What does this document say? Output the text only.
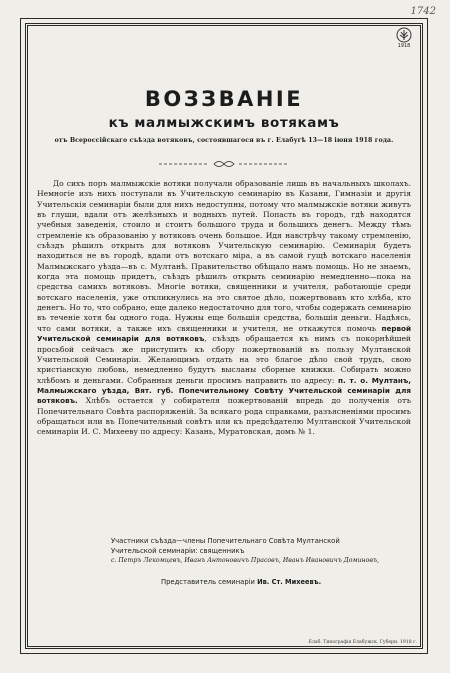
1742
1918
ВОЗЗВАНIЕ
къ малмыжскимъ вотякамъ
отъ Всероссiйскаго съѣзда вотяковъ, состоявшагося въ г. Елабугѣ 13—18 iюня 1918 года.

До сихъ поръ малмыжскiе вотяки получали образованiе лишь въ начальныхъ школахъ. Немногiе изъ нихъ поступали въ Учительскую семинарiю въ Казани, Гимназiи и другiя Учительскiя семинарiи были для нихъ недоступны, потому что малмыжскiе вотяки живутъ въ глуши, вдали отъ желѣзныхъ и водныхъ путей. Попасть въ городъ, гдѣ находятся учебныя заведенiя, стоило и стоитъ большого труда и большихъ денегъ. Между тѣмъ стремленiе къ образованiю у вотяковъ очень большое. Идя навстрѣчу такому стремленiю, съѣздъ рѣшилъ открыть для вотяковъ Учительскую семинарiю. Семинарiя будетъ находиться не въ городѣ, вдали отъ вотскаго мiра, а въ самой гущѣ вотскаго населенiя Малмыжскаго уѣзда—въ с. Мултанѣ. Правительство обѣщало намъ помощь. Но не знаемъ, когда эта помощь придетъ, съѣздъ рѣшилъ открыть семинарiю немедленно—пока на средства самихъ вотяковъ. Многiе вотяки, священники и учителя, работающiе среди вотскаго населенiя, уже откликнулись на это святое дѣло, пожертвовавъ кто хлѣба, кто денегъ. Но то, что собрано, еще далеко недостаточно для того, чтобы содержать семинарiю въ теченiе хотя бы одного года. Нужны еще большiя средства, большiя деньги. Надѣясь, что сами вотяки, а также ихъ священники и учителя, не откажутся помочь первой Учительской семинарiи для вотяковъ, съѣздъ обращается къ нимъ съ покорнѣйшей просьбой сейчасъ же приступить къ сбору пожертвованiй въ пользу Мултанской Учительской Семинарiи. Желающимъ отдать на это благое дѣло свой трудъ, свою христiанскую любовь, немедленно будутъ высланы сборные книжки. Собирать можно хлѣбомъ и деньгами. Собранныя деньги просимъ направить по адресу: п. т. о. Мултанъ, Малмыжскаго уѣзда, Вят. губ. Попечительному Совѣту Учительской семинарiи для вотяковъ. Хлѣбъ остается у собирателя пожертвованiй впредь до полученiя отъ Попечительнаго Совѣта распоряженiй. За всякаго рода справками, разъясненiями просимъ обращаться или въ Попечительный совѣтъ или къ предсѣдателю Мултанской Учительской семинарiи И. С. Михееву по адресу: Казань, Муратовская, домъ № 1.

Участники съѣзда—члены Попечительнаго Совѣта Мултанской
Учительской семинарiи: священникъ
с. Петръ Лекомцевъ, Иванъ Антоновичъ Прасовъ, Иванъ Ивановичъ Доминовъ,
Представитель семинарiи Ив. Ст. Михеевъ.
Елаб. Типографiя Елабужск. Губерн. 1918 г.
